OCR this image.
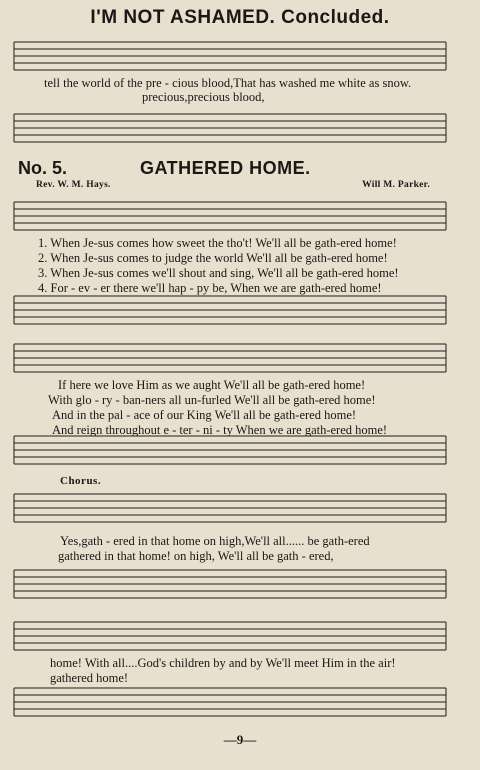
I'M NOT ASHAMED. Concluded.
tell the world of the pre - cious blood,That has washed me white as snow.
precious,precious blood,
No. 5.	GATHERED HOME.
Rev. W. M. Hays.	Will M. Parker.
1. When Je-sus comes how sweet the tho't! We'll all be gath-ered home!
2. When Je-sus comes to judge the world We'll all be gath-ered home!
3. When Je-sus comes we'll shout and sing, We'll all be gath-ered home!
4. For - ev - er there we'll hap - py be, When we are gath-ered home!
If here we love Him as we aught We'll all be gath-ered home!
With glo - ry - ban-ners all un-furled We'll all be gath-ered home!
And in the pal - ace of our King We'll all be gath-ered home!
And reign throughout e - ter - ni - ty When we are gath-ered home!
Chorus.
Yes,gath - ered in that home on high,We'll all...... be gath-ered
gathered in that home! on high, We'll all be gath - ered,
home! With all....God's children by and by We'll meet Him in the air!
gathered home!
—9—
